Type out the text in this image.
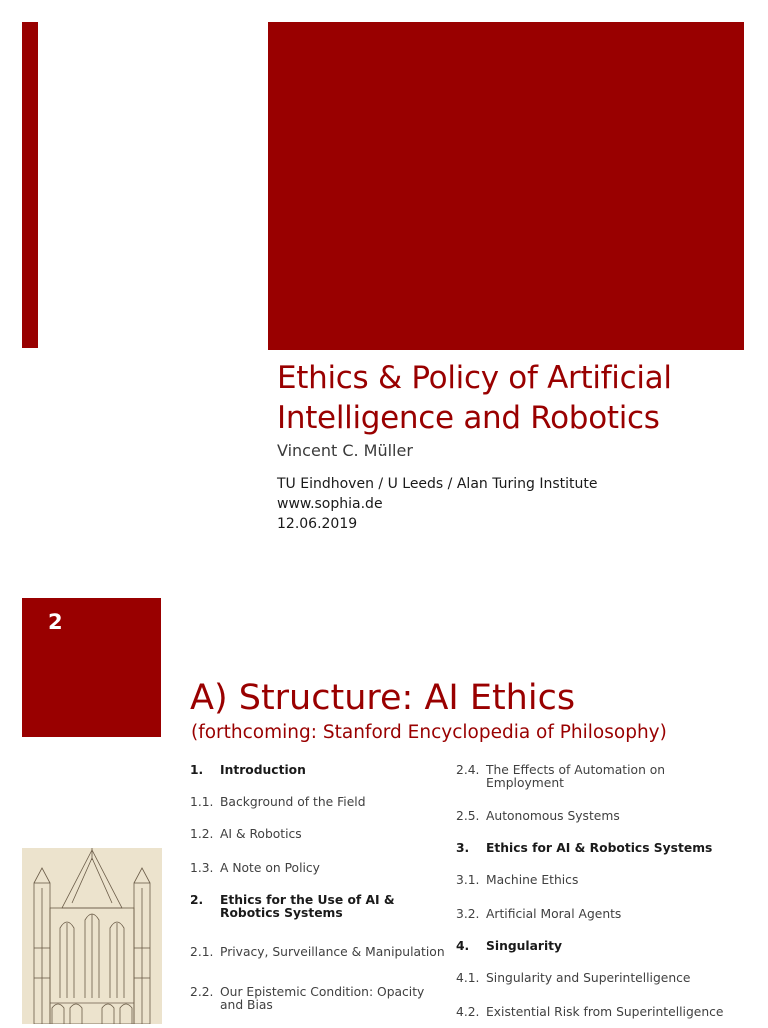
Ethics & Policy of Artificial Intelligence and Robotics
Vincent C. Müller
TU Eindhoven / U Leeds / Alan Turing Institute
www.sophia.de
12.06.2019
2
A) Structure: AI Ethics
(forthcoming: Stanford Encyclopedia of Philosophy)
1.	Introduction
1.1. Background of the Field
1.2. AI & Robotics
1.3. A Note on Policy
2.	Ethics for the Use of AI & Robotics Systems
2.1. Privacy, Surveillance & Manipulation
2.2. Our Epistemic Condition: Opacity and Bias
2.4. The Effects of Automation on Employment
2.5. Autonomous Systems
3.	Ethics for AI & Robotics Systems
3.1. Machine Ethics
3.2. Artificial Moral Agents
4.	Singularity
4.1. Singularity and Superintelligence
4.2. Existential Risk from Superintelligence
